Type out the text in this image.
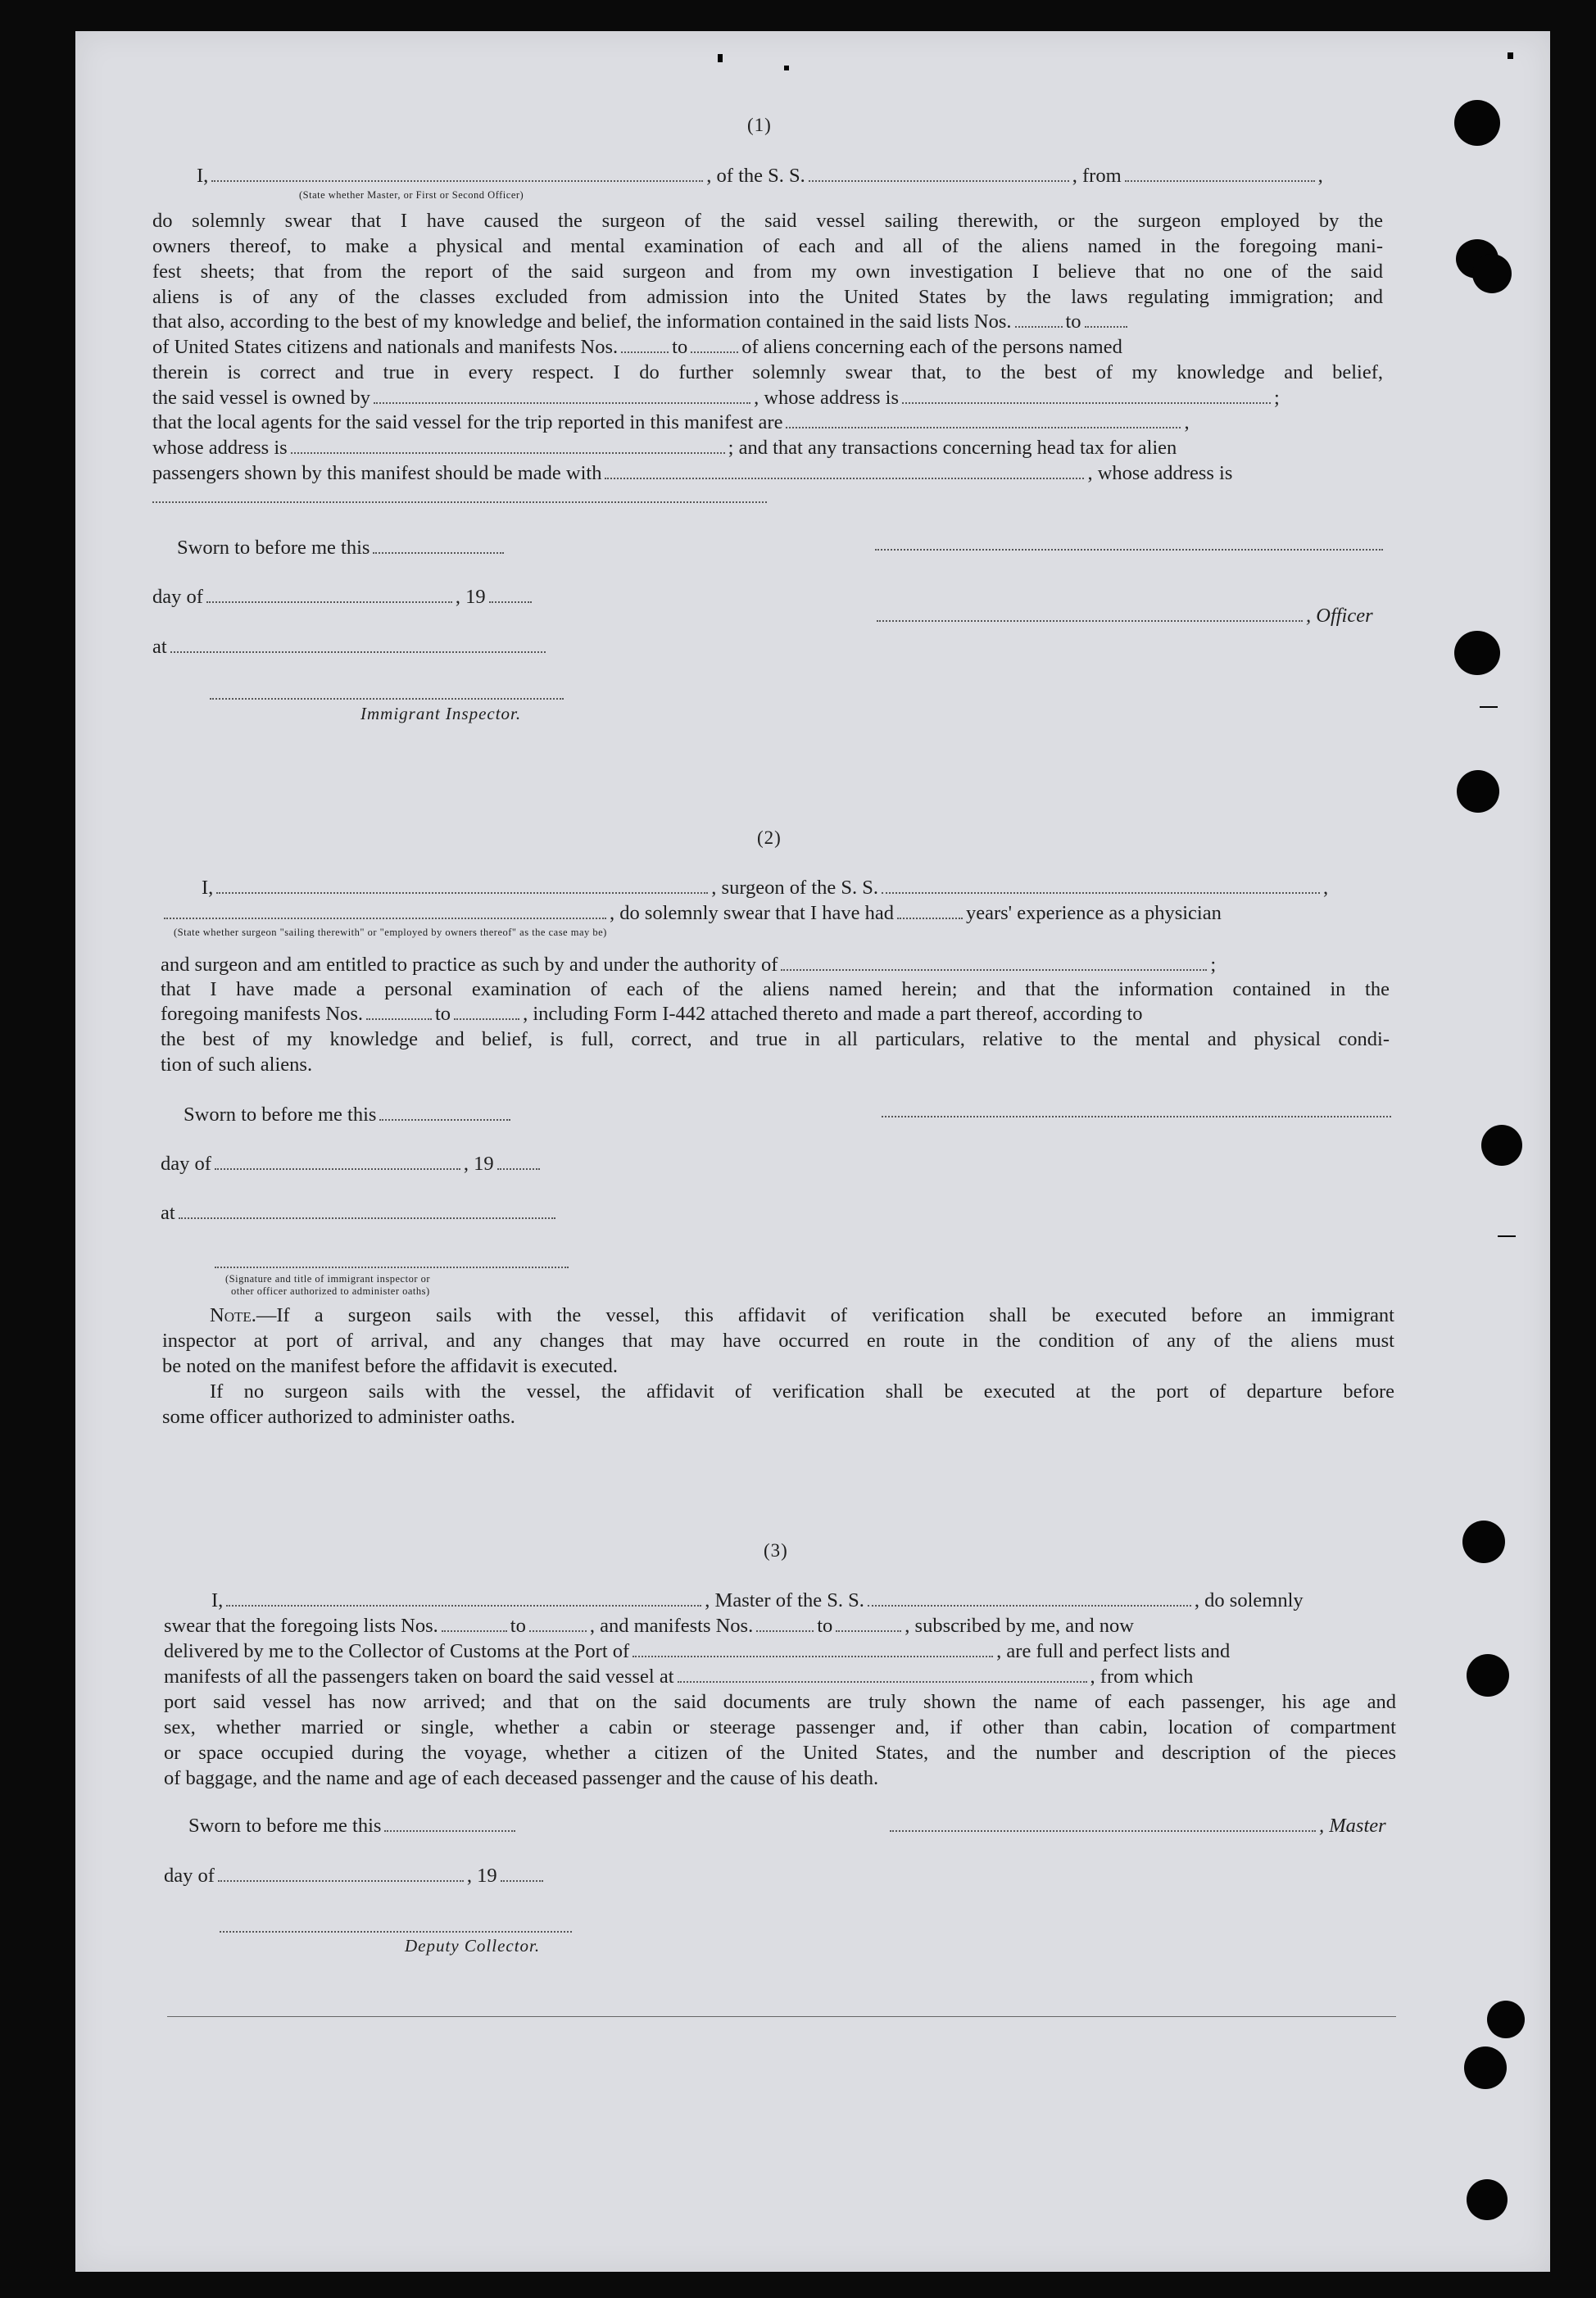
(1)
I,	, of the S. S.	, from	,
(State whether Master, or First or Second Officer)
do solemnly swear that I have caused the surgeon of the said vessel sailing therewith, or the surgeon employed by the
owners thereof, to make a physical and mental examination of each and all of the aliens named in the foregoing mani-
fest sheets; that from the report of the said surgeon and from my own investigation I believe that no one of the said
aliens is of any of the classes excluded from admission into the United States by the laws regulating immigration; and
that also, according to the best of my knowledge and belief, the information contained in the said lists Nos.	to
of United States citizens and nationals and manifests Nos.	to	of aliens concerning each of the persons named
therein is correct and true in every respect. I do further solemnly swear that, to the best of my knowledge and belief,
the said vessel is owned by	, whose address is	;
that the local agents for the said vessel for the trip reported in this manifest are	,
whose address is	; and that any transactions concerning head tax for alien
passengers shown by this manifest should be made with	, whose address is
Sworn to before me this
day of	, 19
, Officer
at
Immigrant Inspector.
(2)
I,	, surgeon of the S. S.	,
, do solemnly swear that I have had	years' experience as a physician
(State whether surgeon "sailing therewith" or "employed by owners thereof" as the case may be)
and surgeon and am entitled to practice as such by and under the authority of	;
that I have made a personal examination of each of the aliens named herein; and that the information contained in the
foregoing manifests Nos.	to	, including Form I-442 attached thereto and made a part thereof, according to
the best of my knowledge and belief, is full, correct, and true in all particulars, relative to the mental and physical condi-
tion of such aliens.
Sworn to before me this
day of	, 19
at
(Signature and title of immigrant inspector or
other officer authorized to administer oaths)
Note.—If a surgeon sails with the vessel, this affidavit of verification shall be executed before an immigrant
inspector at port of arrival, and any changes that may have occurred en route in the condition of any of the aliens must
be noted on the manifest before the affidavit is executed.
If no surgeon sails with the vessel, the affidavit of verification shall be executed at the port of departure before
some officer authorized to administer oaths.
(3)
I,	, Master of the S. S.	, do solemnly
swear that the foregoing lists Nos.	to	, and manifests Nos.	to	, subscribed by me, and now
delivered by me to the Collector of Customs at the Port of	, are full and perfect lists and
manifests of all the passengers taken on board the said vessel at	, from which
port said vessel has now arrived; and that on the said documents are truly shown the name of each passenger, his age and
sex, whether married or single, whether a cabin or steerage passenger and, if other than cabin, location of compartment
or space occupied during the voyage, whether a citizen of the United States, and the number and description of the pieces
of baggage, and the name and age of each deceased passenger and the cause of his death.
Sworn to before me this	, Master
day of	, 19
Deputy Collector.
